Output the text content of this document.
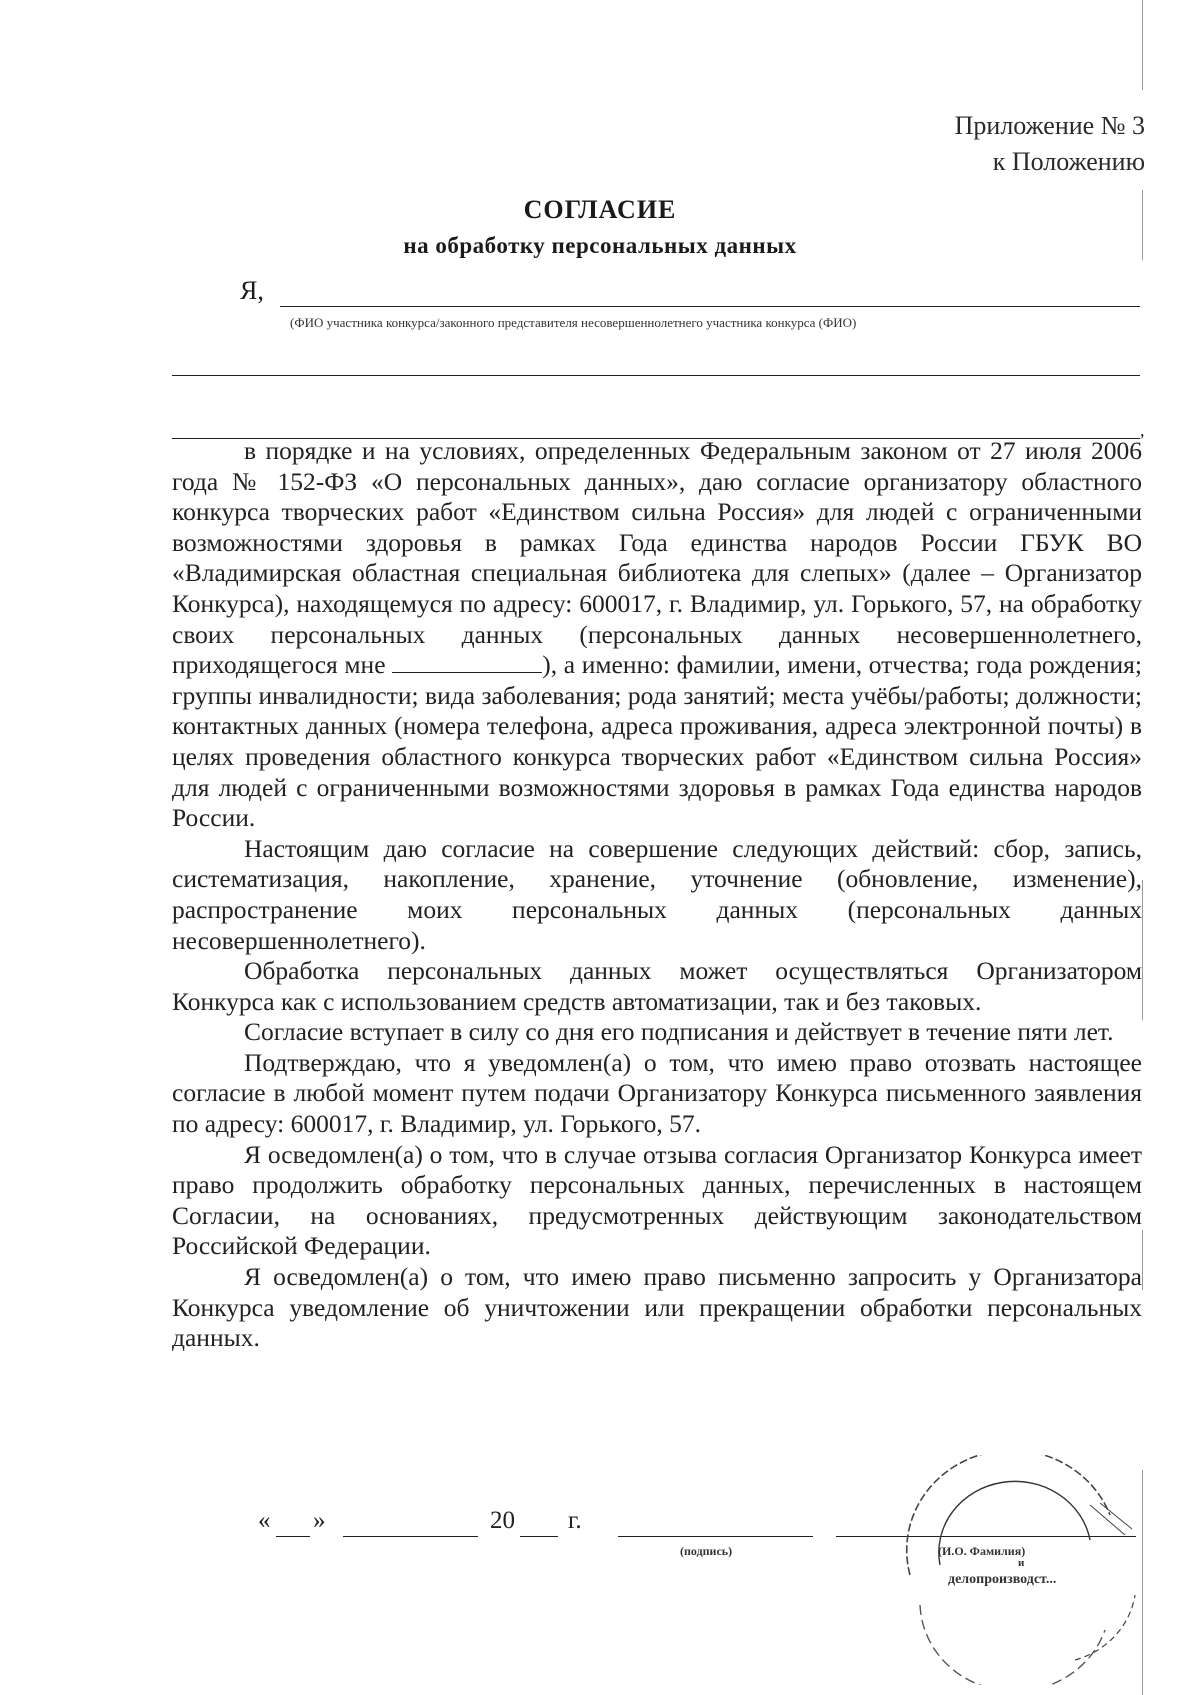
Приложение № 3
к Положению
СОГЛАСИЕ
на обработку персональных данных
Я,
(ФИО участника конкурса/законного представителя несовершеннолетнего участника конкурса (ФИО)
,

в порядке и на условиях, определенных Федеральным законом от 27 июля 2006 года № 152-ФЗ «О персональных данных», даю согласие организатору областного конкурса творческих работ «Единством сильна Россия» для людей с ограниченными возможностями здоровья в рамках Года единства народов России ГБУК ВО «Владимирская областная специальная библиотека для слепых» (далее – Организатор Конкурса), находящемуся по адресу: 600017, г. Владимир, ул. Горького, 57, на обработку своих персональных данных (персональных данных несовершеннолетнего, приходящегося мне	), а именно: фамилии, имени, отчества; года рождения; группы инвалидности; вида заболевания; рода занятий; места учёбы/работы; должности; контактных данных (номера телефона, адреса проживания, адреса электронной почты) в целях проведения областного конкурса творческих работ «Единством сильна Россия» для людей с ограниченными возможностями здоровья в рамках Года единства народов России.

Настоящим даю согласие на совершение следующих действий: сбор, запись, систематизация, накопление, хранение, уточнение (обновление, изменение), распространение моих персональных данных (персональных данных несовершеннолетнего).

Обработка персональных данных может осуществляться Организатором Конкурса как с использованием средств автоматизации, так и без таковых.

Согласие вступает в силу со дня его подписания и действует в течение пяти лет.

Подтверждаю, что я уведомлен(а) о том, что имею право отозвать настоящее согласие в любой момент путем подачи Организатору Конкурса письменного заявления по адресу: 600017, г. Владимир, ул. Горького, 57.

Я осведомлен(а) о том, что в случае отзыва согласия Организатор Конкурса имеет право продолжить обработку персональных данных, перечисленных в настоящем Согласии, на основаниях, предусмотренных действующим законодательством Российской Федерации.

Я осведомлен(а) о том, что имею право письменно запросить у Организатора Конкурса уведомление об уничтожении или прекращении обработки персональных данных.

« »	20 г.
(подпись)	(И.О. Фамилия)
и
делопроизводст...
